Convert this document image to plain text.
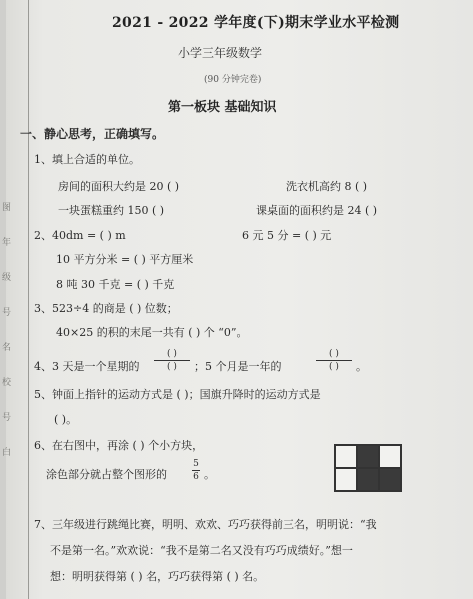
图
年
级
号
名
校
号
白
2021 - 2022 学年度(下)期末学业水平检测
小学三年级数学
(90 分钟完卷)
第一板块 基础知识
一、静心思考，正确填写。
1、填上合适的单位。
房间的面积大约是 20 ( )	洗衣机高约 8 ( )
一块蛋糕重约 150 ( )	课桌面的面积约是 24 ( )
2、40dm = ( ) m	6 元 5 分 = ( ) 元
10 平方分米 = ( ) 平方厘米
8 吨 30 千克 = ( ) 千克
3、523÷4 的商是 ( ) 位数；
40×25 的积的末尾一共有 ( ) 个 “0”。
4、3 天是一个星期的
( )
( ) ；5 个月是一年的
( )
( ) 。
5、钟面上指针的运动方式是 ( )；国旗升降时的运动方式是
( )。
6、在右图中，再涂 ( ) 个小方块，
涂色部分就占整个图形的
5
6 。
7、三年级进行跳绳比赛，明明、欢欢、巧巧获得前三名，明明说：“我
不是第一名。”欢欢说：“我不是第二名又没有巧巧成绩好。”想一
想：明明获得第 ( ) 名，巧巧获得第 ( ) 名。
